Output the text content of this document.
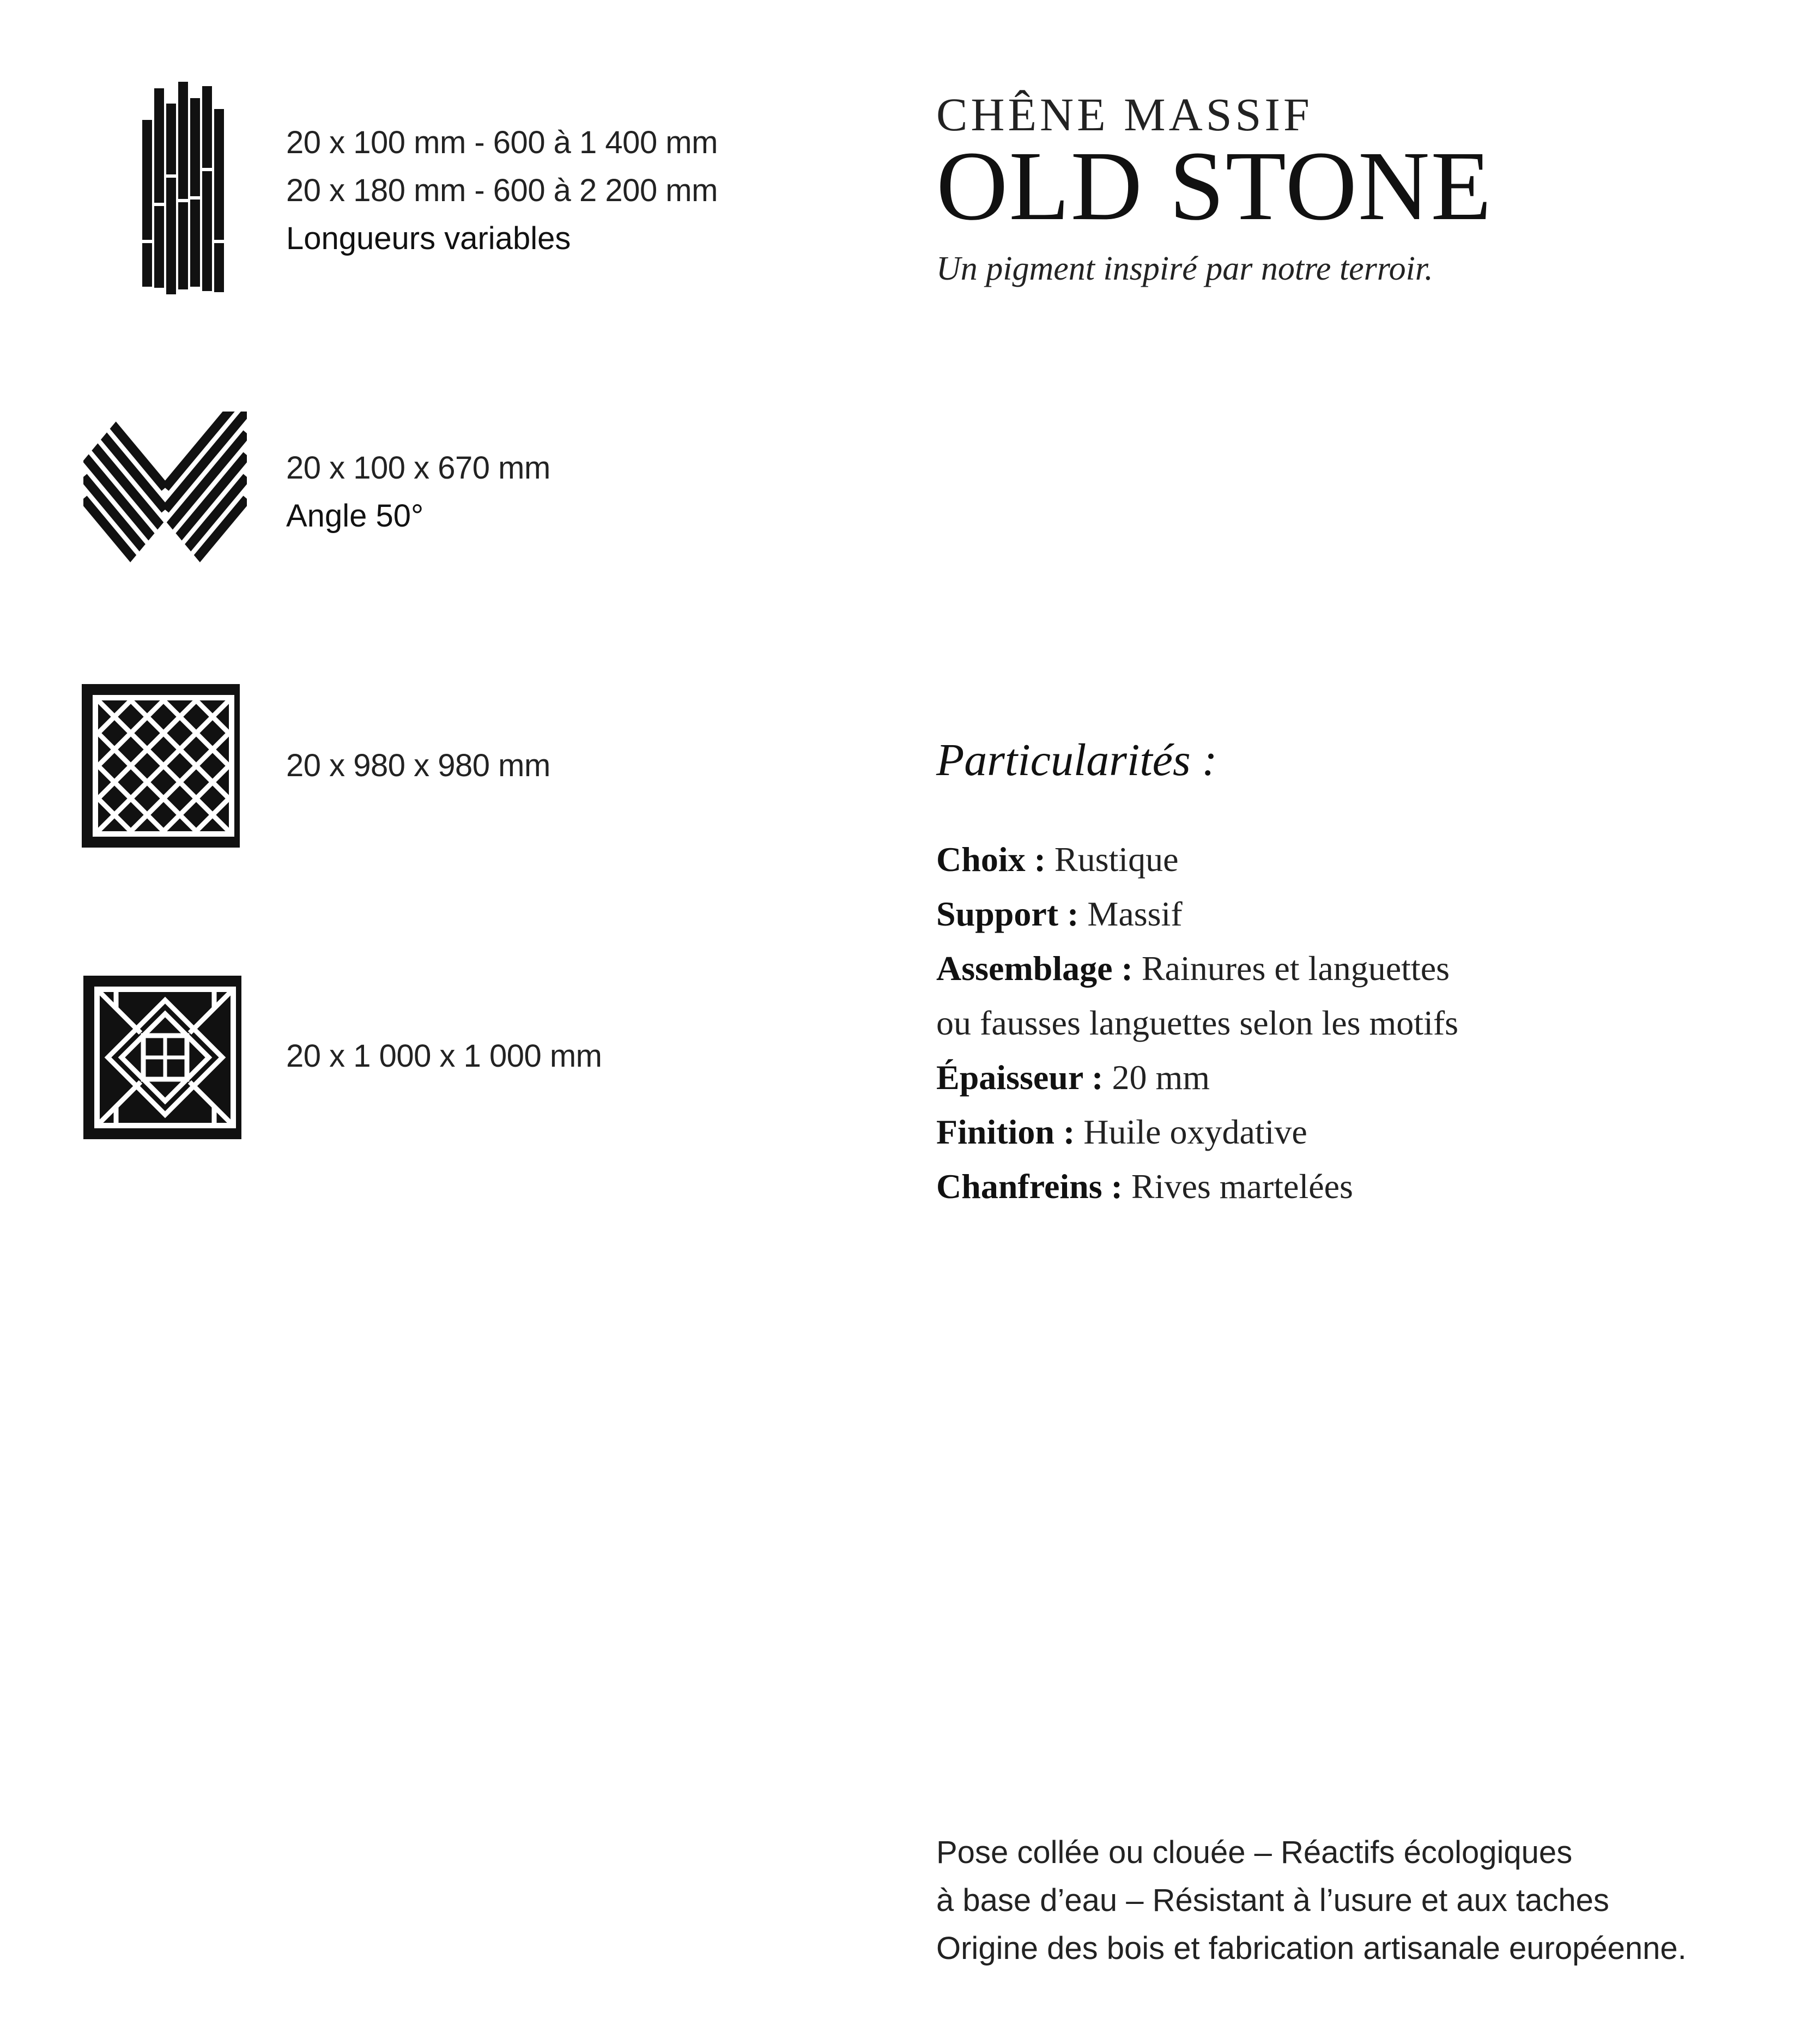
20 x 100 mm - 600 à 1 400 mm
20 x 180 mm - 600 à 2 200 mm
Longueurs variables
20 x 100 x 670 mm
Angle 50°
20 x 980 x 980 mm
20 x 1 000 x 1 000 mm
CHÊNE MASSIF
OLD STONE
Un pigment inspiré par notre terroir.
Particularités :
Choix : Rustique
Support : Massif
Assemblage : Rainures et languettes
ou fausses languettes selon les motifs
Épaisseur : 20 mm
Finition : Huile oxydative
Chanfreins : Rives martelées
Pose collée ou clouée – Réactifs écologiques
à base d’eau – Résistant à l’usure et aux taches
Origine des bois et fabrication artisanale européenne.
